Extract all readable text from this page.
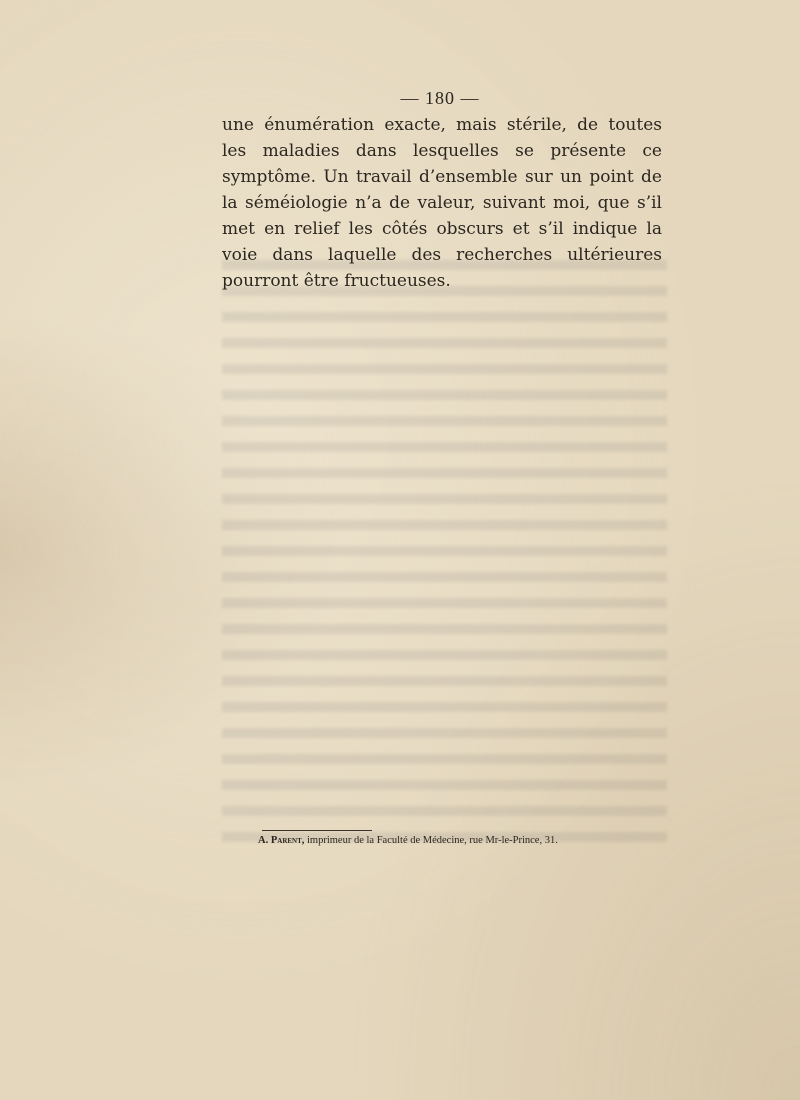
— 180 —

une énumération exacte, mais stérile, de toutes les maladies dans lesquelles se présente ce symptôme. Un travail d’ensemble sur un point de la séméiologie n’a de valeur, suivant moi, que s’il met en relief les côtés obscurs et s’il indique la voie dans laquelle des recherches ultérieures pourront être fructueuses.

A. Parent, imprimeur de la Faculté de Médecine, rue Mr-le-Prince, 31.
